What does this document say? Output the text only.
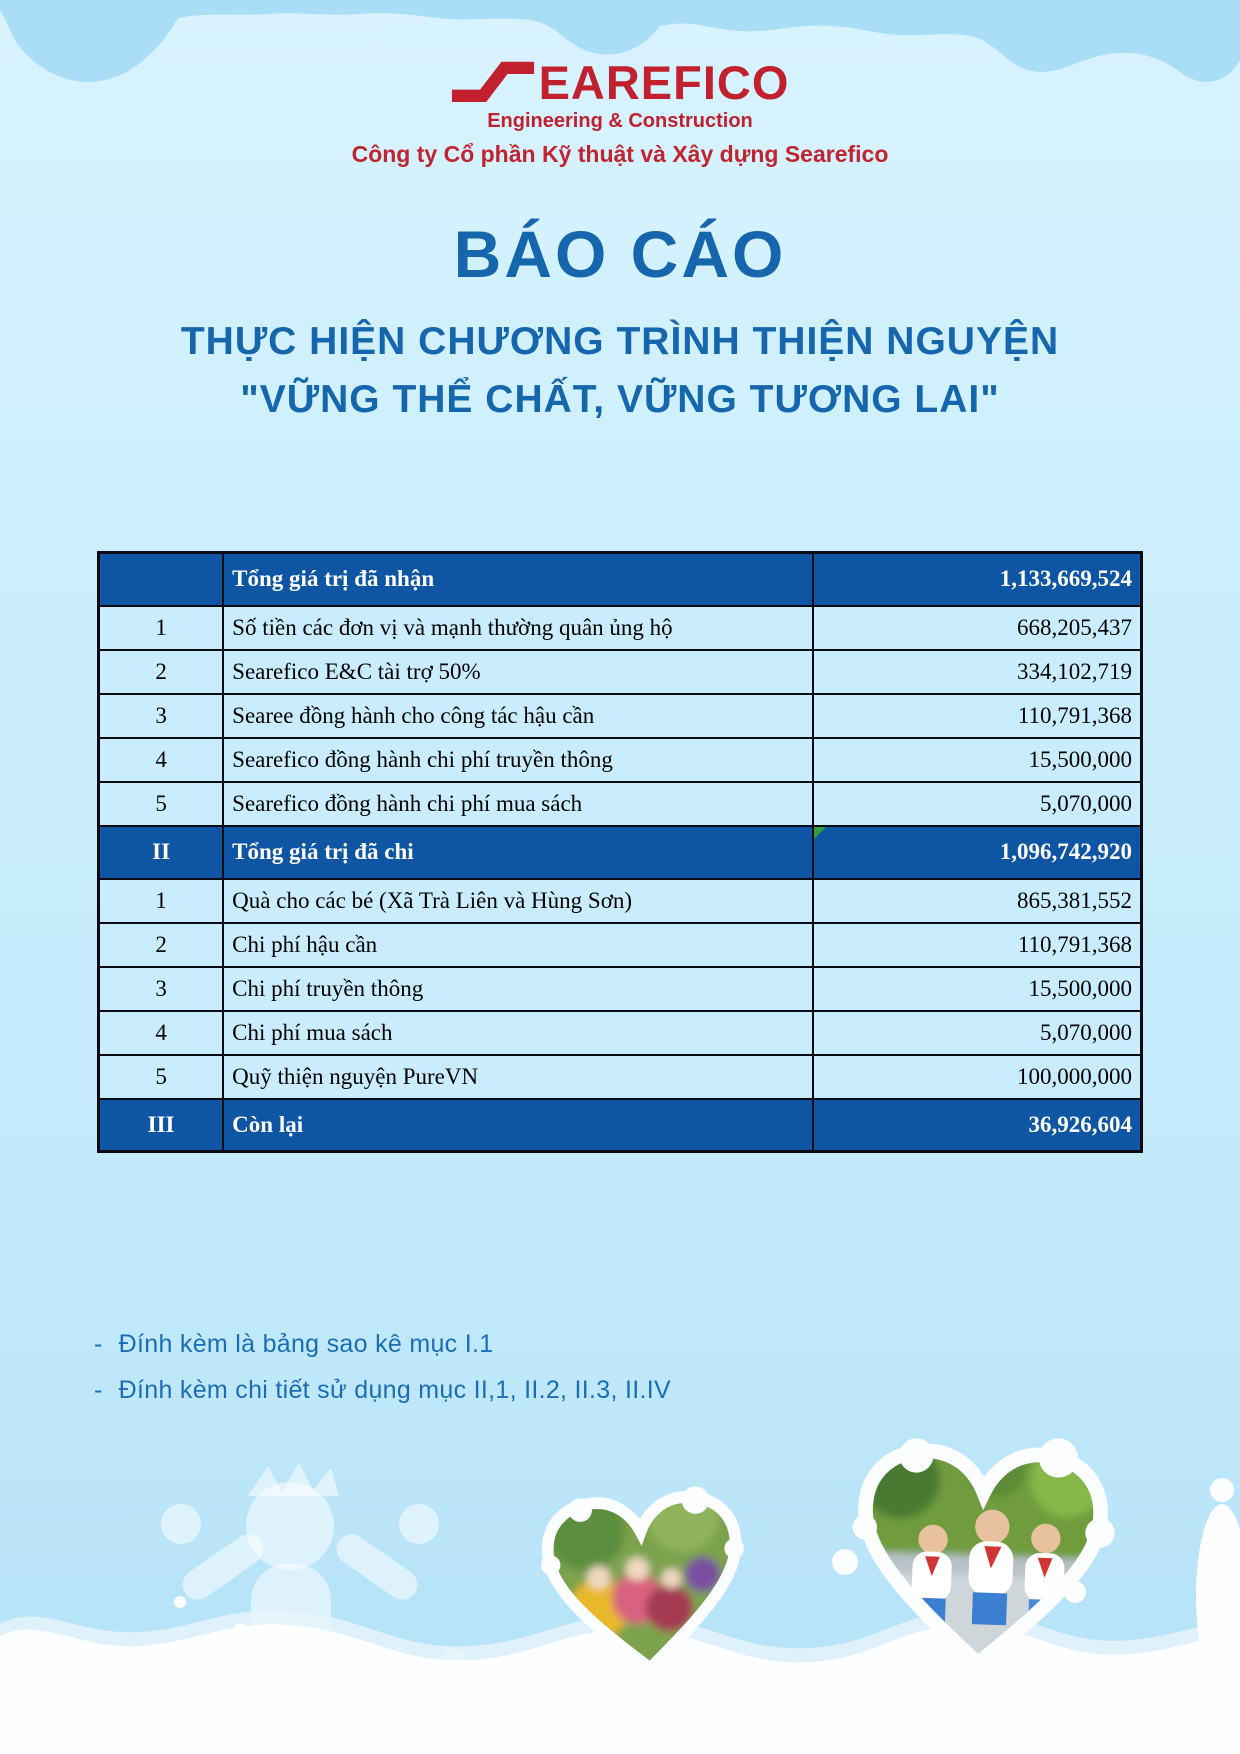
EAREFICO
Engineering & Construction
Công ty Cổ phần Kỹ thuật và Xây dựng Searefico
BÁO CÁO
THỰC HIỆN CHƯƠNG TRÌNH THIỆN NGUYỆN
"VỮNG THỂ CHẤT, VỮNG TƯƠNG LAI"
	Tổng giá trị đã nhận	1,133,669,524
1	Số tiền các đơn vị và mạnh thường quân ủng hộ	668,205,437
2	Searefico E&C tài trợ 50%	334,102,719
3	Searee đồng hành cho công tác hậu cần	110,791,368
4	Searefico đồng hành chi phí truyền thông	15,500,000
5	Searefico đồng hành chi phí mua sách	5,070,000
II	Tổng giá trị đã chi	1,096,742,920
1	Quà cho các bé (Xã Trà Liên và Hùng Sơn)	865,381,552
2	Chi phí hậu cần	110,791,368
3	Chi phí truyền thông	15,500,000
4	Chi phí mua sách	5,070,000
5	Quỹ thiện nguyện PureVN	100,000,000
III	Còn lại	36,926,604
- Đính kèm là bảng sao kê mục I.1
- Đính kèm chi tiết sử dụng mục II,1, II.2, II.3, II.IV
